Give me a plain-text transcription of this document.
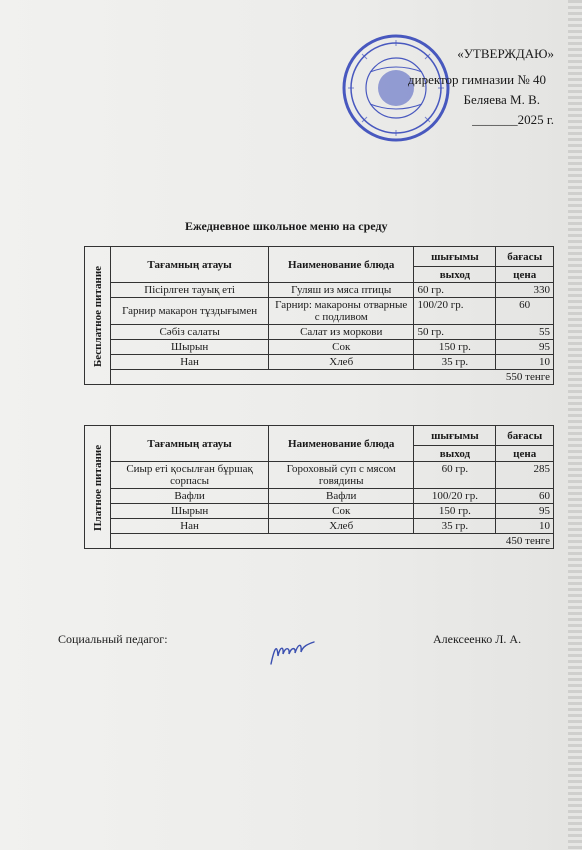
«УТВЕРЖДАЮ»
директор гимназии № 40
Беляева М. В.
_______2025 г.
Ежедневное школьное меню на среду
Бесплатное питание	Тағамның атауы	Наименование блюда	шығымы	бағасы
			выход	цена
	Пісірлген тауық еті	Гуляш из мяса птицы	60 гр.	330
	Гарнир макарон тұздығымен	Гарнир: макароны отварные с подливом	100/20 гр.	60
	Сәбіз салаты	Салат из моркови	50 гр.	55
	Шырын	Сок	150 гр.	95
	Нан	Хлеб	35 гр.	10
	550 тенге			
Платное питание	Тағамның атауы	Наименование блюда	шығымы	бағасы
			выход	цена
	Сиыр еті қосылған бұршақ сорпасы	Гороховый суп с мясом говядины	60 гр.	285
	Вафли	Вафли	100/20 гр.	60
	Шырын	Сок	150 гр.	95
	Нан	Хлеб	35 гр.	10
	450 тенге			
Социальный педагог:	Алексеенко Л. А.
